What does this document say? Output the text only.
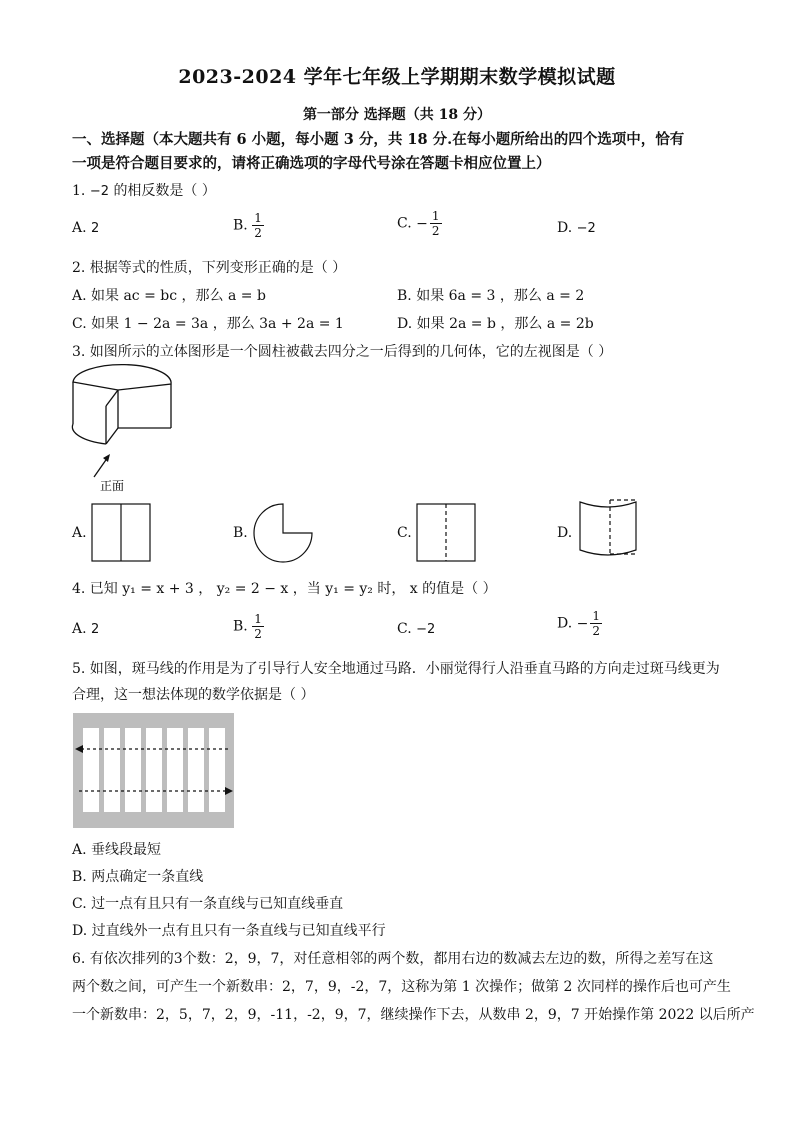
2023-2024 学年七年级上学期期末数学模拟试题
第一部分 选择题（共 18 分）
一、选择题（本大题共有 6 小题，每小题 3 分，共 18 分.在每小题所给出的四个选项中，恰有
一项是符合题目要求的，请将正确选项的字母代号涂在答题卡相应位置上）
1. −2 的相反数是（ ）
A. 2	B. $\frac{1}{2}$	C. − $\frac{1}{2}$	D. −2
2. 根据等式的性质，下列变形正确的是（ ）
A. 如果 ac = bc ，那么 a = b	B. 如果 6a = 3 ，那么 a = 2
C. 如果 1 − 2a = 3a ，那么 3a + 2a = 1	D. 如果 2a = b ，那么 a = 2b
3. 如图所示的立体图形是一个圆柱被截去四分之一后得到的几何体，它的左视图是（ ）
正面
A.	B.	C.	D.
4. 已知 y₁ = x + 3 ， y₂ = 2 − x ，当 y₁ = y₂ 时， x 的值是（ ）
A. 2	B. $\frac{1}{2}$	C. −2	D. − $\frac{1}{2}$
5. 如图，斑马线的作用是为了引导行人安全地通过马路．小丽觉得行人沿垂直马路的方向走过斑马线更为
合理，这一想法体现的数学依据是（ ）
A. 垂线段最短
B. 两点确定一条直线
C. 过一点有且只有一条直线与已知直线垂直
D. 过直线外一点有且只有一条直线与已知直线平行
6. 有依次排列的3个数：2，9，7，对任意相邻的两个数，都用右边的数减去左边的数，所得之差写在这
两个数之间，可产生一个新数串：2，7，9，-2，7，这称为第 1 次操作；做第 2 次同样的操作后也可产生
一个新数串：2，5，7，2，9，-11，-2，9，7，继续操作下去，从数串 2，9，7 开始操作第 2022 以后所产
